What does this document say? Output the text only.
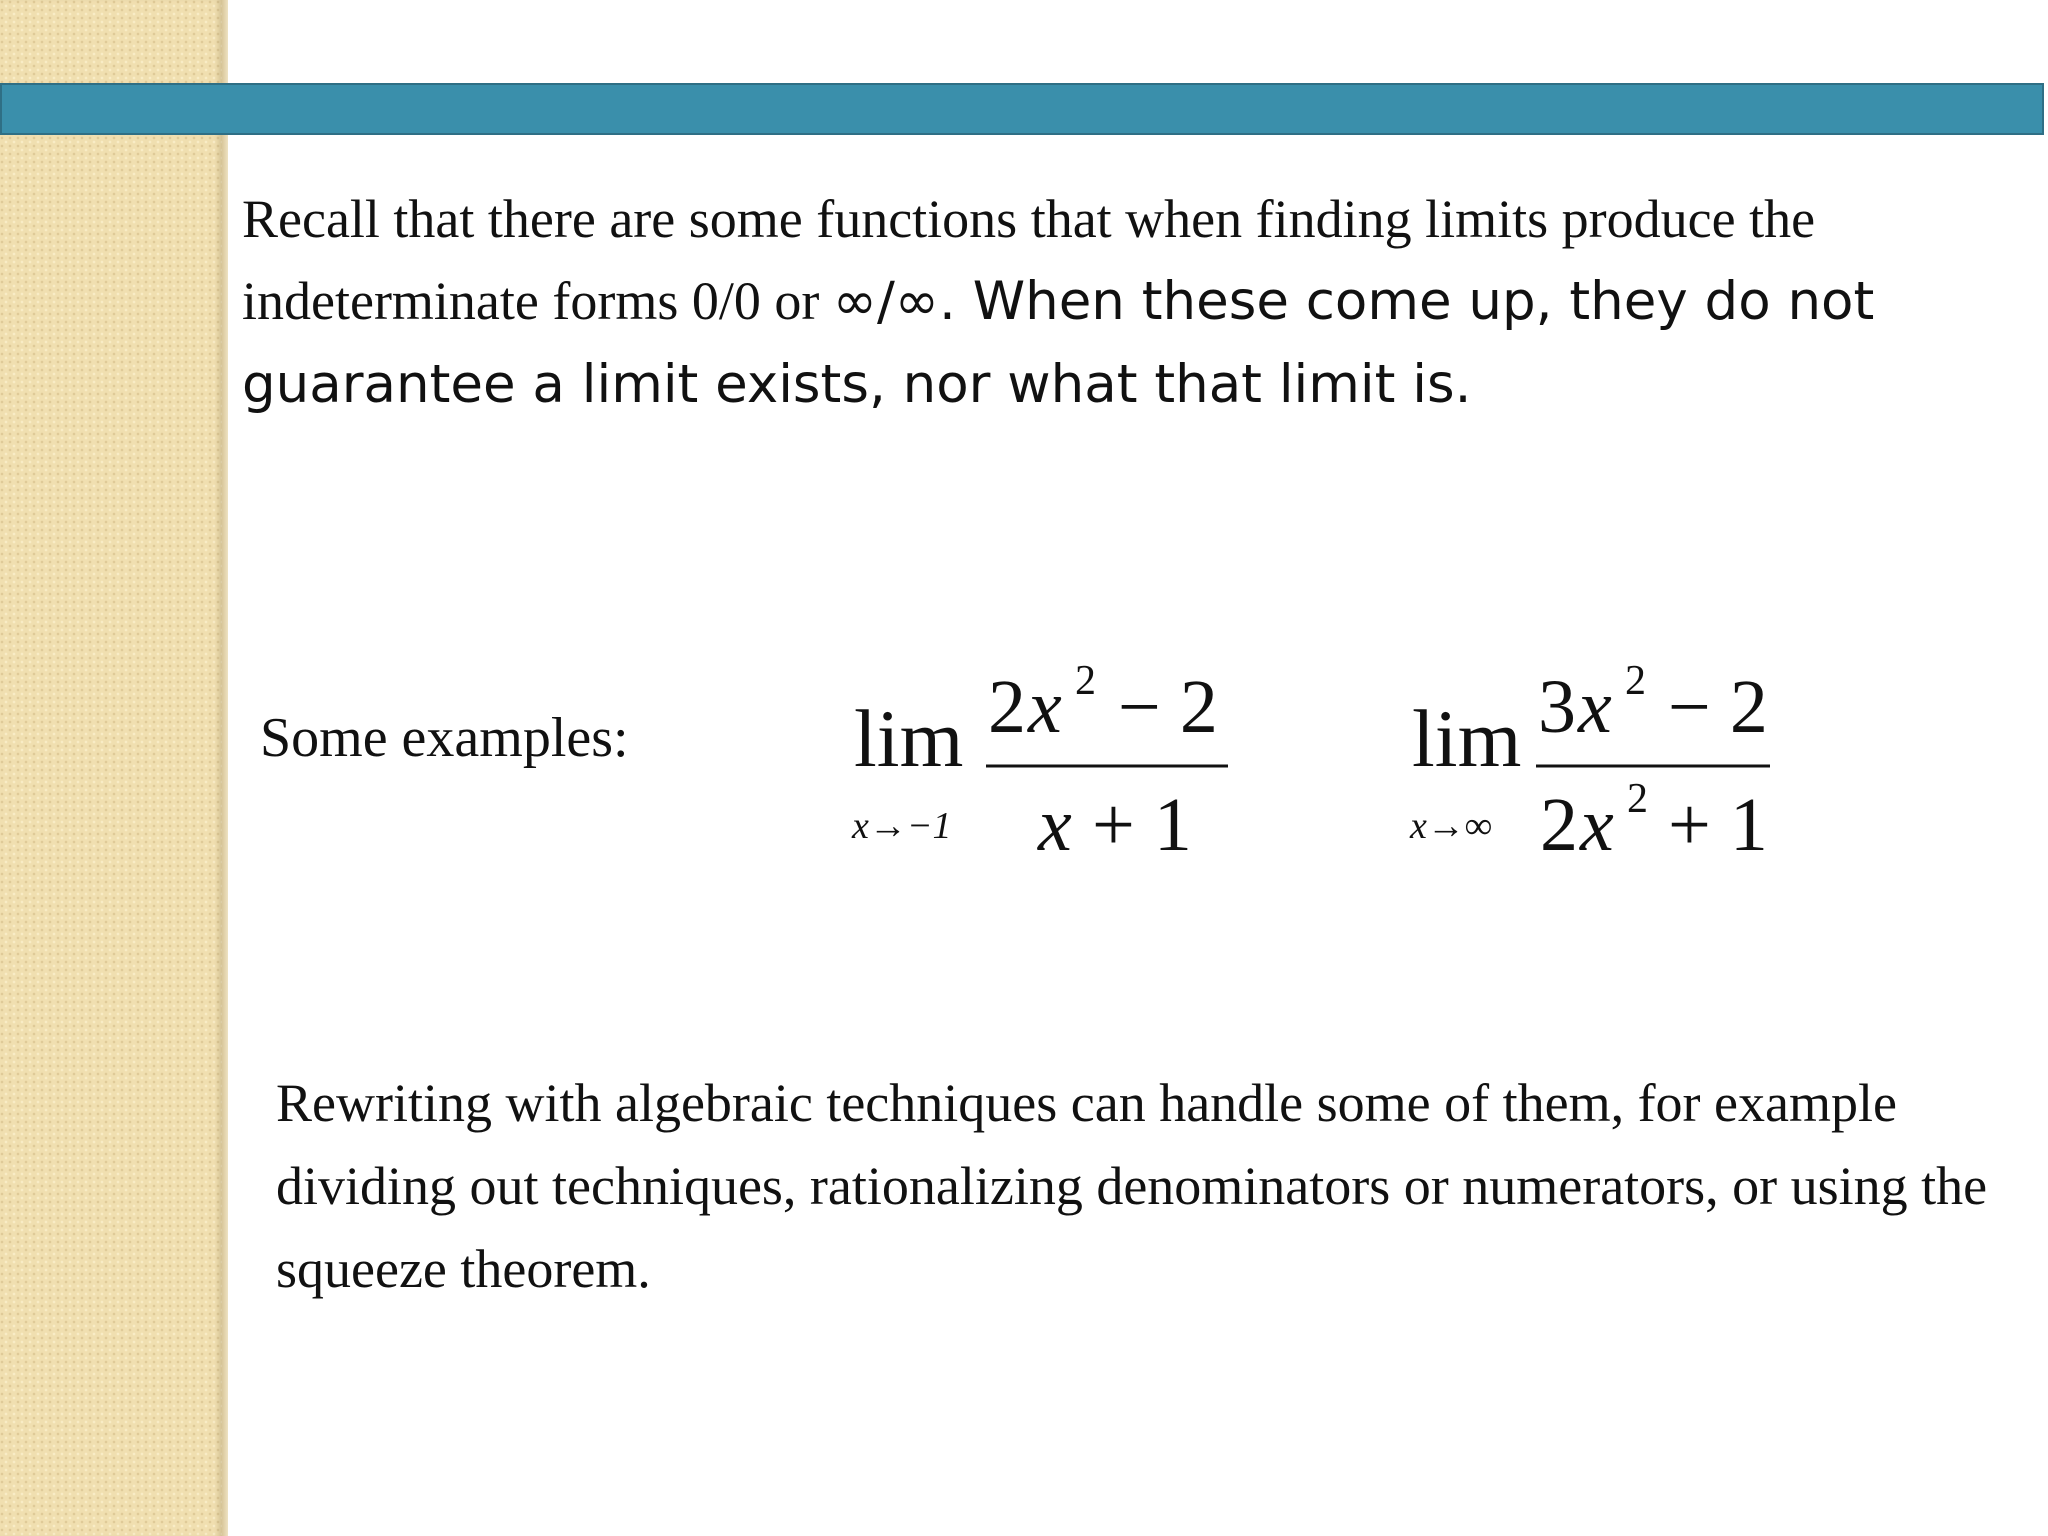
Recall that there are some functions that when finding limits produce the indeterminate forms 0/0 or ∞/∞. When these come up, they do not guarantee a limit exists, nor what that limit is.

Some examples:	lim
x→−1
2 x 2 − 2
x + 1
lim
x→∞
3 x 2 − 2
2 x 2 + 1

Rewriting with algebraic techniques can handle some of them, for example dividing out techniques, rationalizing denominators or numerators, or using the squeeze theorem.
